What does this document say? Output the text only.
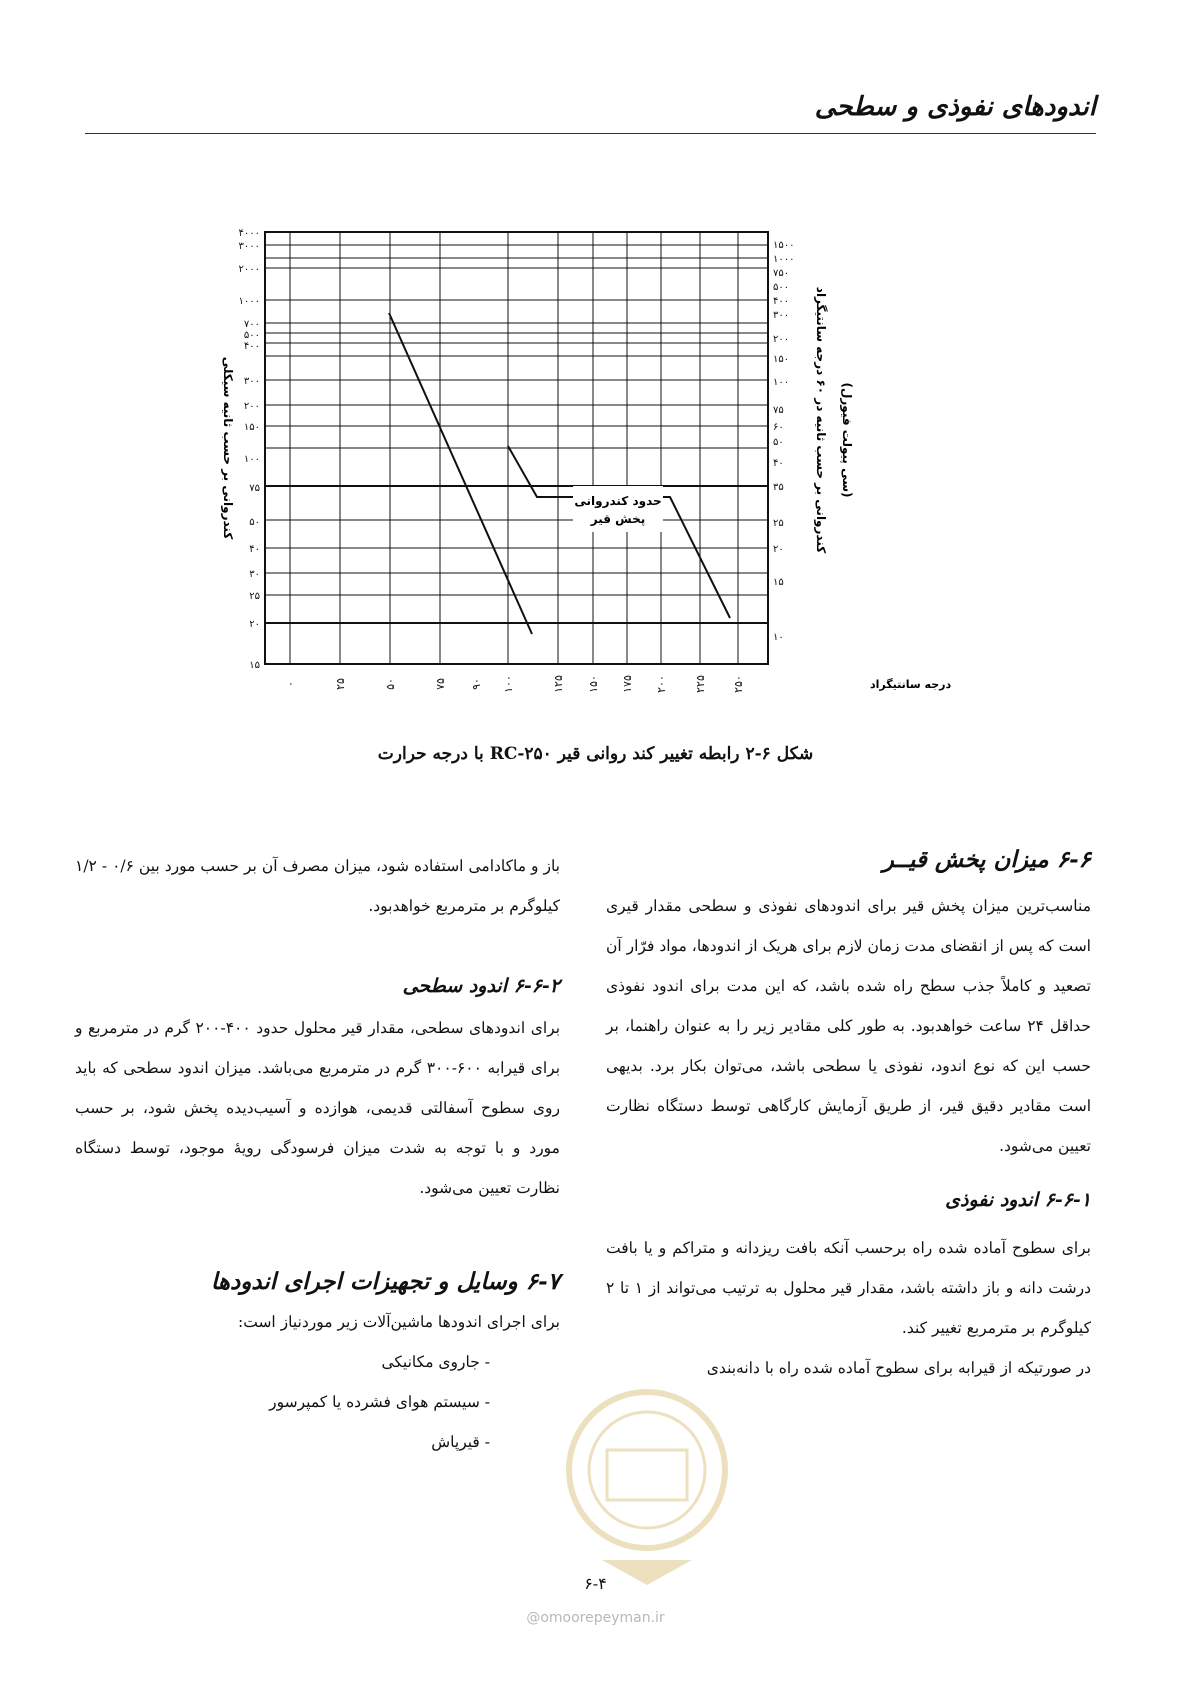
اندودهای نفوذی و سطحی
حدود کندروانی
پخش قیر
۴۰۰۰
۳۰۰۰
۲۰۰۰
۱۰۰۰
۷۰۰
۵۰۰
۴۰۰
۳۰۰
۲۰۰
۱۵۰
۱۰۰
۷۵
۵۰
۴۰
۳۰
۲۵
۲۰
۱۵
۱۵۰۰
۱۰۰۰
۷۵۰
۵۰۰
۴۰۰
۳۰۰
۲۰۰
۱۵۰
۱۰۰
۷۵
۶۰
۵۰
۴۰
۳۵
۲۵
۲۰
۱۵
۱۰
۰	۲۵	۵۰	۷۵ ۹۰ ۱۰۰	۱۲۵ ۱۵۰ ۱۷۵ ۲۰۰ ۲۲۵ ۲۵۰	درجه سانتیگراد
کندروانی بر حسب ثانیه سیکلی
کندروانی بر حسب ثانیه در ۶۰ درجه سانتیگراد (سی پیولت فیورل)
شکل ۶-۲ رابطه تغییر کند روانی قیر RC-۲۵۰ با درجه حرارت
۶-۶ میزان پخش قیــر

مناسب‌ترین میزان پخش قیر برای اندودهای نفوذی و سطحی مقدار قیری است که پس از انقضای مدت زمان لازم برای هریک از اندودها، مواد فرّار آن تصعید و کاملاً جذب سطح راه شده باشد، که این مدت برای اندود نفوذی حداقل ۲۴ ساعت خواهدبود. به طور کلی مقادیر زیر را به عنوان راهنما، بر حسب این که نوع اندود، نفوذی یا سطحی باشد، می‌توان بکار برد. بدیهی است مقادیر دقیق قیر، از طریق آزمایش کارگاهی توسط دستگاه نظارت تعیین می‌شود.

۶-۶-۱ اندود نفوذی

برای سطوح آماده شده راه برحسب آنکه بافت ریزدانه و متراکم و یا بافت درشت دانه و باز داشته باشد، مقدار قیر محلول به ترتیب می‌تواند از ۱ تا ۲ کیلوگرم بر مترمربع تغییر کند.

در صورتیکه از قیرابه برای سطوح آماده شده راه با دانه‌بندی

باز و ماکادامی استفاده شود، میزان مصرف آن بر حسب مورد بین ۰/۶ - ۱/۲ کیلوگرم بر مترمربع خواهدبود.

۶-۶-۲ اندود سطحی

برای اندودهای سطحی، مقدار قیر محلول حدود ۴۰۰-۲۰۰ گرم در مترمربع و برای قیرابه ۶۰۰-۳۰۰ گرم در مترمربع می‌باشد. میزان اندود سطحی که باید روی سطوح آسفالتی قدیمی، هوازده و آسیب‌دیده پخش شود، بر حسب مورد و با توجه به شدت میزان فرسودگی رویهٔ موجود، توسط دستگاه نظارت تعیین می‌شود.

۶-۷ وسایل و تجهیزات اجرای اندودها

برای اجرای اندودها ماشین‌آلات زیر موردنیاز است:

- جاروی مکانیکی
- سیستم هوای فشرده یا کمپرسور
- قیرپاش
۶-۴
@omoorepeyman.ir
